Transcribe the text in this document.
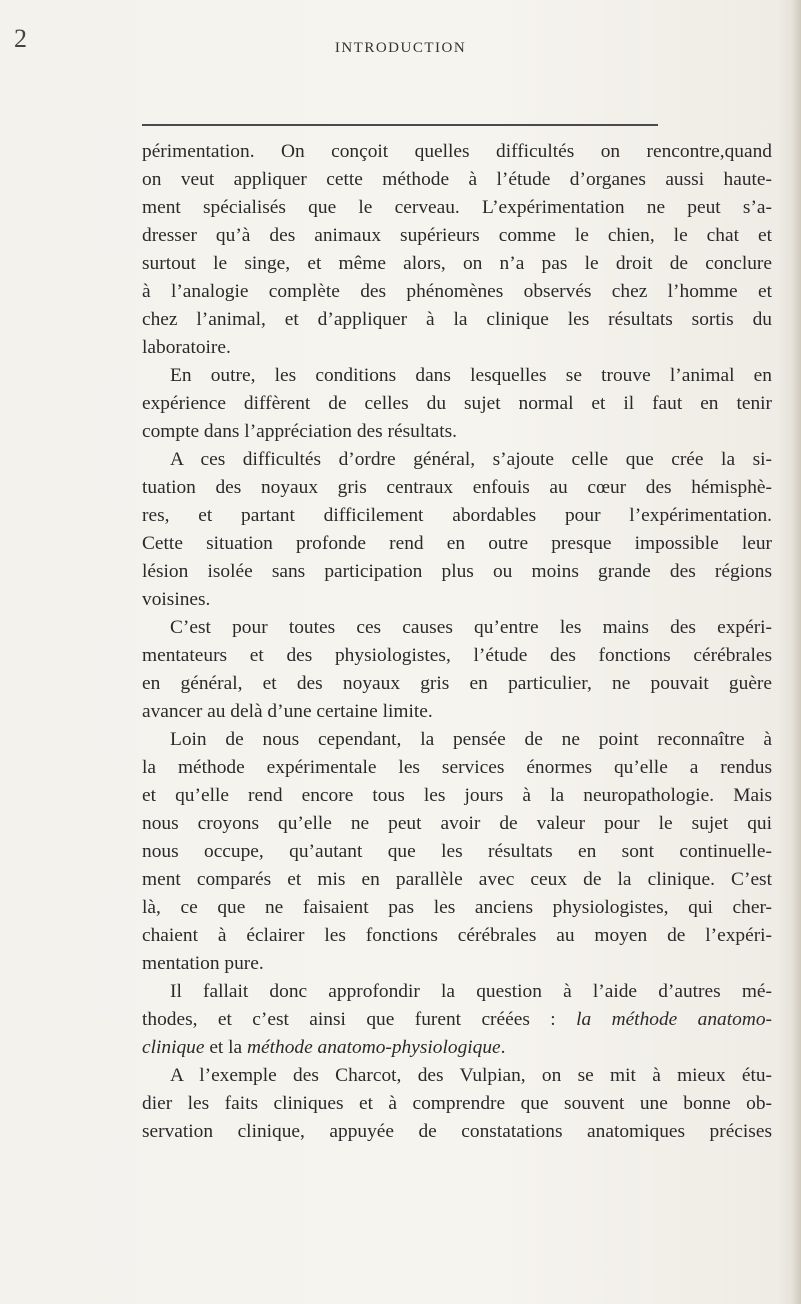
2	INTRODUCTION
périmentation. On conçoit quelles difficultés on rencontre,quand
on veut appliquer cette méthode à l’étude d’organes aussi haute-
ment spécialisés que le cerveau. L’expérimentation ne peut s’a-
dresser qu’à des animaux supérieurs comme le chien, le chat et
surtout le singe, et même alors, on n’a pas le droit de conclure
à l’analogie complète des phénomènes observés chez l’homme et
chez l’animal, et d’appliquer à la clinique les résultats sortis du
laboratoire.
En outre, les conditions dans lesquelles se trouve l’animal en
expérience diffèrent de celles du sujet normal et il faut en tenir
compte dans l’appréciation des résultats.
A ces difficultés d’ordre général, s’ajoute celle que crée la si-
tuation des noyaux gris centraux enfouis au cœur des hémisphè-
res, et partant difficilement abordables pour l’expérimentation.
Cette situation profonde rend en outre presque impossible leur
lésion isolée sans participation plus ou moins grande des régions
voisines.
C’est pour toutes ces causes qu’entre les mains des expéri-
mentateurs et des physiologistes, l’étude des fonctions cérébrales
en général, et des noyaux gris en particulier, ne pouvait guère
avancer au delà d’une certaine limite.
Loin de nous cependant, la pensée de ne point reconnaître à
la méthode expérimentale les services énormes qu’elle a rendus
et qu’elle rend encore tous les jours à la neuropathologie. Mais
nous croyons qu’elle ne peut avoir de valeur pour le sujet qui
nous occupe, qu’autant que les résultats en sont continuelle-
ment comparés et mis en parallèle avec ceux de la clinique. C’est
là, ce que ne faisaient pas les anciens physiologistes, qui cher-
chaient à éclairer les fonctions cérébrales au moyen de l’expéri-
mentation pure.
Il fallait donc approfondir la question à l’aide d’autres mé-
thodes, et c’est ainsi que furent créées : la méthode anatomo-
clinique et la méthode anatomo-physiologique.
A l’exemple des Charcot, des Vulpian, on se mit à mieux étu-
dier les faits cliniques et à comprendre que souvent une bonne ob-
servation clinique, appuyée de constatations anatomiques précises
